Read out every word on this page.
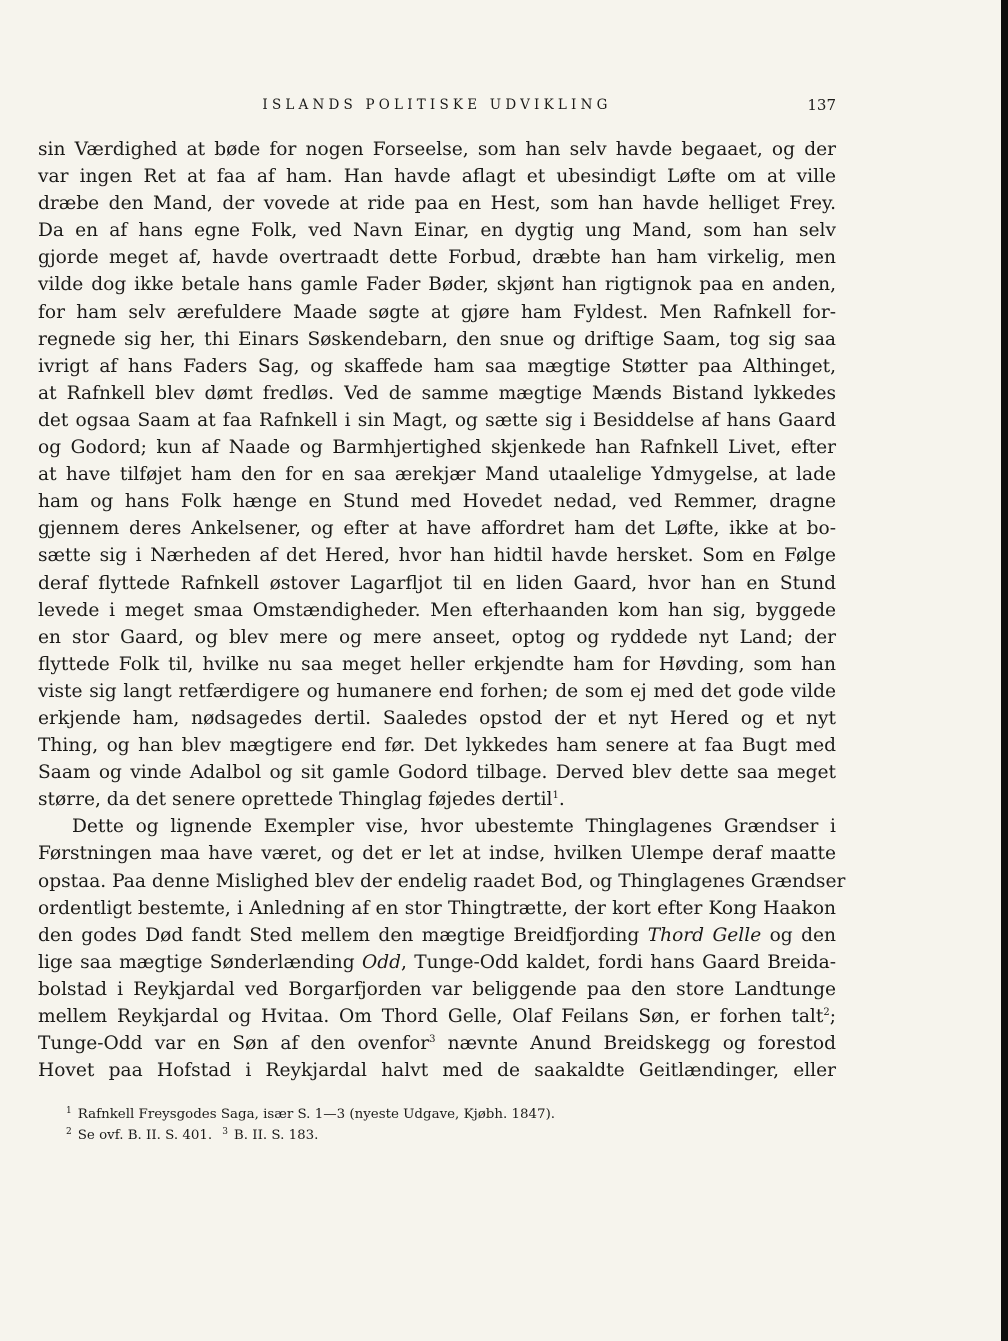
ISLANDS POLITISKE UDVIKLING	137
sin Værdighed at bøde for nogen Forseelse, som han selv havde begaaet, og der
var ingen Ret at faa af ham. Han havde aflagt et ubesindigt Løfte om at ville
dræbe den Mand, der vovede at ride paa en Hest, som han havde helliget Frey.
Da en af hans egne Folk, ved Navn Einar, en dygtig ung Mand, som han selv
gjorde meget af, havde overtraadt dette Forbud, dræbte han ham virkelig, men
vilde dog ikke betale hans gamle Fader Bøder, skjønt han rigtignok paa en anden,
for ham selv ærefuldere Maade søgte at gjøre ham Fyldest. Men Rafnkell for-
regnede sig her, thi Einars Søskendebarn, den snue og driftige Saam, tog sig saa
ivrigt af hans Faders Sag, og skaffede ham saa mægtige Støtter paa Althinget,
at Rafnkell blev dømt fredløs. Ved de samme mægtige Mænds Bistand lykkedes
det ogsaa Saam at faa Rafnkell i sin Magt, og sætte sig i Besiddelse af hans Gaard
og Godord; kun af Naade og Barmhjertighed skjenkede han Rafnkell Livet, efter
at have tilføjet ham den for en saa ærekjær Mand utaalelige Ydmygelse, at lade
ham og hans Folk hænge en Stund med Hovedet nedad, ved Remmer, dragne
gjennem deres Ankelsener, og efter at have affordret ham det Løfte, ikke at bo-
sætte sig i Nærheden af det Hered, hvor han hidtil havde hersket. Som en Følge
deraf flyttede Rafnkell østover Lagarfljot til en liden Gaard, hvor han en Stund
levede i meget smaa Omstændigheder. Men efterhaanden kom han sig, byggede
en stor Gaard, og blev mere og mere anseet, optog og ryddede nyt Land; der
flyttede Folk til, hvilke nu saa meget heller erkjendte ham for Høvding, som han
viste sig langt retfærdigere og humanere end forhen; de som ej med det gode vilde
erkjende ham, nødsagedes dertil. Saaledes opstod der et nyt Hered og et nyt
Thing, og han blev mægtigere end før. Det lykkedes ham senere at faa Bugt med
Saam og vinde Adalbol og sit gamle Godord tilbage. Derved blev dette saa meget
større, da det senere oprettede Thinglag føjedes dertil$^1$.
Dette og lignende Exempler vise, hvor ubestemte Thinglagenes Grændser i
Førstningen maa have været, og det er let at indse, hvilken Ulempe deraf maatte
opstaa. Paa denne Mislighed blev der endelig raadet Bod, og Thinglagenes Grændser
ordentligt bestemte, i Anledning af en stor Thingtrætte, der kort efter Kong Haakon
den godes Død fandt Sted mellem den mægtige Breidfjording Thord Gelle og den
lige saa mægtige Sønderlænding Odd, Tunge-Odd kaldet, fordi hans Gaard Breida-
bolstad i Reykjardal ved Borgarfjorden var beliggende paa den store Landtunge
mellem Reykjardal og Hvitaa. Om Thord Gelle, Olaf Feilans Søn, er forhen talt$^2$;
Tunge-Odd var en Søn af den ovenfor$^3$ nævnte Anund Breidskegg og forestod
Hovet paa Hofstad i Reykjardal halvt med de saakaldte Geitlændinger, eller
$^1$ Rafnkell Freysgodes Saga, især S. 1—3 (nyeste Udgave, Kjøbh. 1847).
$^2$ Se ovf. B. II. S. 401. $^3$ B. II. S. 183.
